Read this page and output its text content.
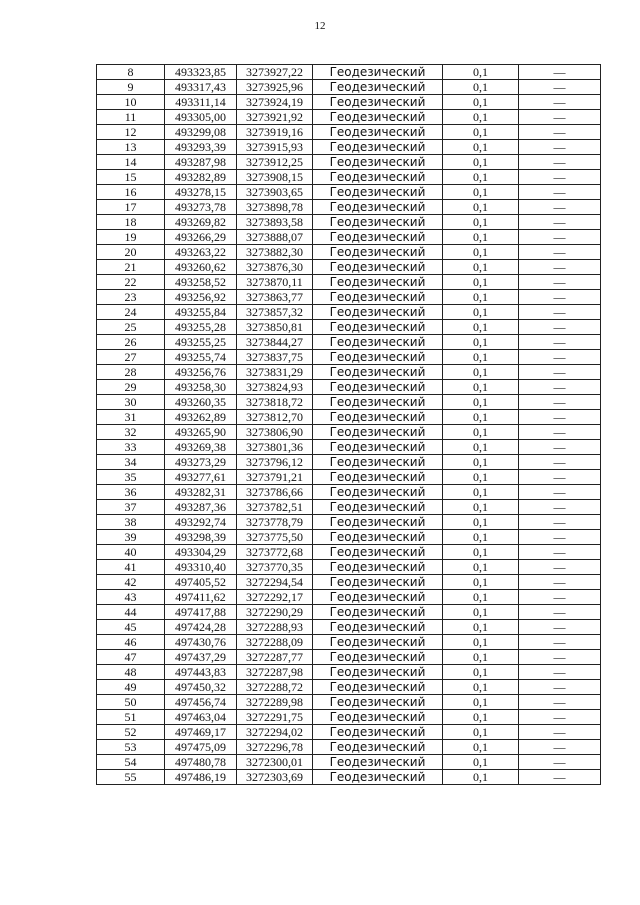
12
8	493323,85	3273927,22	Геодезический	0,1	—
9	493317,43	3273925,96	Геодезический	0,1	—
10	493311,14	3273924,19	Геодезический	0,1	—
11	493305,00	3273921,92	Геодезический	0,1	—
12	493299,08	3273919,16	Геодезический	0,1	—
13	493293,39	3273915,93	Геодезический	0,1	—
14	493287,98	3273912,25	Геодезический	0,1	—
15	493282,89	3273908,15	Геодезический	0,1	—
16	493278,15	3273903,65	Геодезический	0,1	—
17	493273,78	3273898,78	Геодезический	0,1	—
18	493269,82	3273893,58	Геодезический	0,1	—
19	493266,29	3273888,07	Геодезический	0,1	—
20	493263,22	3273882,30	Геодезический	0,1	—
21	493260,62	3273876,30	Геодезический	0,1	—
22	493258,52	3273870,11	Геодезический	0,1	—
23	493256,92	3273863,77	Геодезический	0,1	—
24	493255,84	3273857,32	Геодезический	0,1	—
25	493255,28	3273850,81	Геодезический	0,1	—
26	493255,25	3273844,27	Геодезический	0,1	—
27	493255,74	3273837,75	Геодезический	0,1	—
28	493256,76	3273831,29	Геодезический	0,1	—
29	493258,30	3273824,93	Геодезический	0,1	—
30	493260,35	3273818,72	Геодезический	0,1	—
31	493262,89	3273812,70	Геодезический	0,1	—
32	493265,90	3273806,90	Геодезический	0,1	—
33	493269,38	3273801,36	Геодезический	0,1	—
34	493273,29	3273796,12	Геодезический	0,1	—
35	493277,61	3273791,21	Геодезический	0,1	—
36	493282,31	3273786,66	Геодезический	0,1	—
37	493287,36	3273782,51	Геодезический	0,1	—
38	493292,74	3273778,79	Геодезический	0,1	—
39	493298,39	3273775,50	Геодезический	0,1	—
40	493304,29	3273772,68	Геодезический	0,1	—
41	493310,40	3273770,35	Геодезический	0,1	—
42	497405,52	3272294,54	Геодезический	0,1	—
43	497411,62	3272292,17	Геодезический	0,1	—
44	497417,88	3272290,29	Геодезический	0,1	—
45	497424,28	3272288,93	Геодезический	0,1	—
46	497430,76	3272288,09	Геодезический	0,1	—
47	497437,29	3272287,77	Геодезический	0,1	—
48	497443,83	3272287,98	Геодезический	0,1	—
49	497450,32	3272288,72	Геодезический	0,1	—
50	497456,74	3272289,98	Геодезический	0,1	—
51	497463,04	3272291,75	Геодезический	0,1	—
52	497469,17	3272294,02	Геодезический	0,1	—
53	497475,09	3272296,78	Геодезический	0,1	—
54	497480,78	3272300,01	Геодезический	0,1	—
55	497486,19	3272303,69	Геодезический	0,1	—
